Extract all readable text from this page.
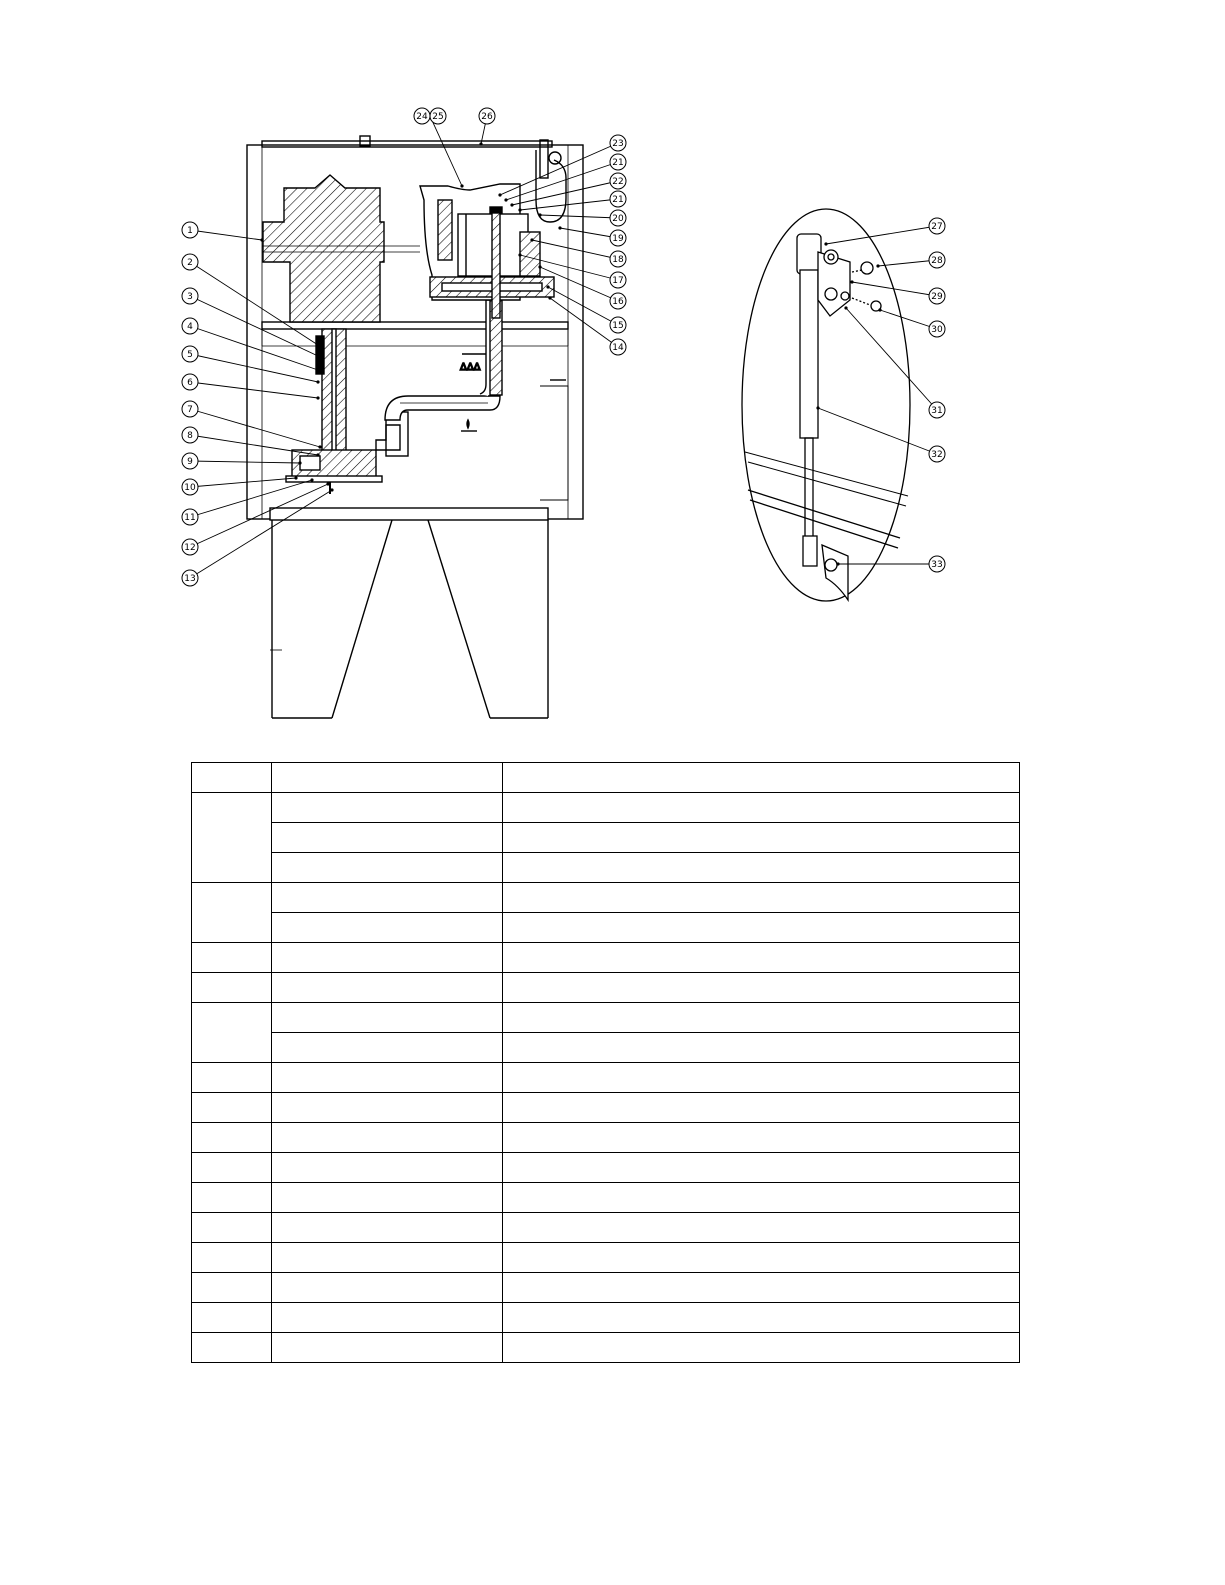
ΔΔΔ
1
2
3
4
5
6
7
8
9
10
11
12
13
14
15
16
17
18
19
20
21
22
21
23
24 25	26
27
28
29
30
31
32
33
